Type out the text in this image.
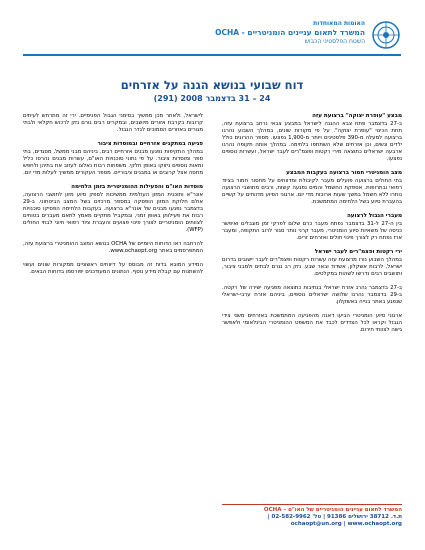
האומות המאוחדות
המשרד לתאום עניינים הומניטריים - OCHA
השטח הפלסטיני הכבוש
דוח שבועי בנושא הגנה על אזרחים
24 – 31 בדצמבר 2008 (291)
מבצע "עופרת יצוקה" ברצועת עזה

ב-27 בדצמבר פתח צבא ההגנה לישראל במבצע צבאי נרחב ברצועת עזה, תחת הכינוי "עופרת יצוקה". על פי מקורות שונים, במהלך השבוע נהרגו ברצועה למעלה מ-390 פלסטינים ויותר מ-1,900 נפצעו. מספר ההרוגים כולל ילדים ונשים, וכן אזרחים שלא השתתפו בלחימה. במהלך אותה תקופה נהרגו ארבעה ישראלים כתוצאה מירי רקטות ופצמ"רים לעבר ישראל, ועשרות נוספים נפצעו.

מצב הומניטרי חמור ברצועה בעקבות המבצע

בתי החולים ברצועה פועלים מעבר לקיבולת ומדווחים על מחסור חמור בציוד רפואי ובתרופות. אספקת החשמל והמים נפגעה קשות, ורבים מתושבי הרצועה נותרו ללא חשמל במשך שעות ארוכות מדי יום. ארגוני הסיוע מדווחים על קשיים בהעברת סיוע בשל הלחימה המתמשכת.

מעברי הגבול לרצועה

בין ה-27 ל-31 בדצמבר נפתח מעבר כרם שלום לפרקי זמן מוגבלים ואיפשר כניסה של משאיות סיוע הומניטרי. מעבר קרני נותר סגור לרוב התקופה, ומעבר ארז נפתח רק לצורך פינוי חולים ואזרחים זרים.

ירי רקטות ופצמ"רים לעבר ישראל

במהלך השבוע נורו מרצועת עזה עשרות רקטות ופצמ"רים לעבר יישובים בדרום ישראל, לרבות אשקלון, אשדוד ובאר שבע. נזק רב נגרם לבתים ולמבני ציבור, ותושבים רבים נדרשו לשהות במקלטים.

ב-27 בדצמבר נהרג אזרח ישראלי בנתיבות כתוצאה מפגיעה ישירה של רקטה. ב-29 בדצמבר נהרגו שלושה ישראלים נוספים, ביניהם אזרח ערבי-ישראלי שנפגע באתר בנייה באשקלון.

ארגוני סיוע הומניטרי הביעו דאגה מהפגיעה המתמשכת באזרחים משני צידי הגבול וקראו לכל הצדדים לכבד את המשפט ההומניטרי הבינלאומי ולאפשר גישה לצוותי חירום.

לישראל, ולאחר מכן ממשיך בסימני הגבול הפנימיים. ירי זה מתרחש לעיתים קרובות בקרבת אזורים מיושבים, ובמקרים רבים גורם נזק לרכוש חקלאי ולבתי מגורים באזורים הסמוכים לגדר הגבול.

פגיעה במתקנים אזרחיים ובמוסדות ציבור

במהלך התקיפות נפגעו מבנים אזרחיים רבים, ביניהם מבני ממשל, מסגדים, בתי ספר ומוסדות ציבור. על פי נתוני סוכנויות האו"ם, עשרות מבנים נהרסו כליל ומאות נוספים ניזוקו באופן חלקי. משפחות רבות נאלצו לעזוב את בתיהן ולחפש מחסה אצל קרובים או במבנים ציבוריים. מספר העקורים ממשיך לעלות מדי יום.

מוסדות האו"ם והפעילות ההומניטרית בזמן הלחימה

אונר"א ותוכנית המזון העולמית ממשיכות לספק סיוע מזון לתושבי הרצועה, אולם חלוקת המזון הופסקה במספר מרכזים בשל המצב הביטחוני. ב-29 בדצמבר נפגעו מבנים של אונר"א ברצועה. בעקבות הלחימה הפסיקו סוכנויות רבות את פעילותן באופן זמני, ובמקביל מתקיים מאמץ לתאם מעברים בטוחים לצוותים הומניטריים לצורך פינוי פצועים והעברת ציוד רפואי חיוני לבתי החולים (WFP).

להרחבה ראו הדוחות היומיים של OCHA בנושא המצב ההומניטרי ברצועת עזה, המתפרסמים באתר www.ochaopt.org.

המידע המובא בדוח זה מבוסס על דיווחים ראשוניים ממקורות שונים ועשוי להשתנות עם קבלת מידע נוסף. הנתונים המעודכנים יפורסמו בדוחות הבאים.

המשרד לתאום עניינים הומניטריים של האו"ם – OCHA
ת.ד. 38712 ירושלים 91386 | טל' 02-582-9962 | ochaopt@un.org | www.ochaopt.org
